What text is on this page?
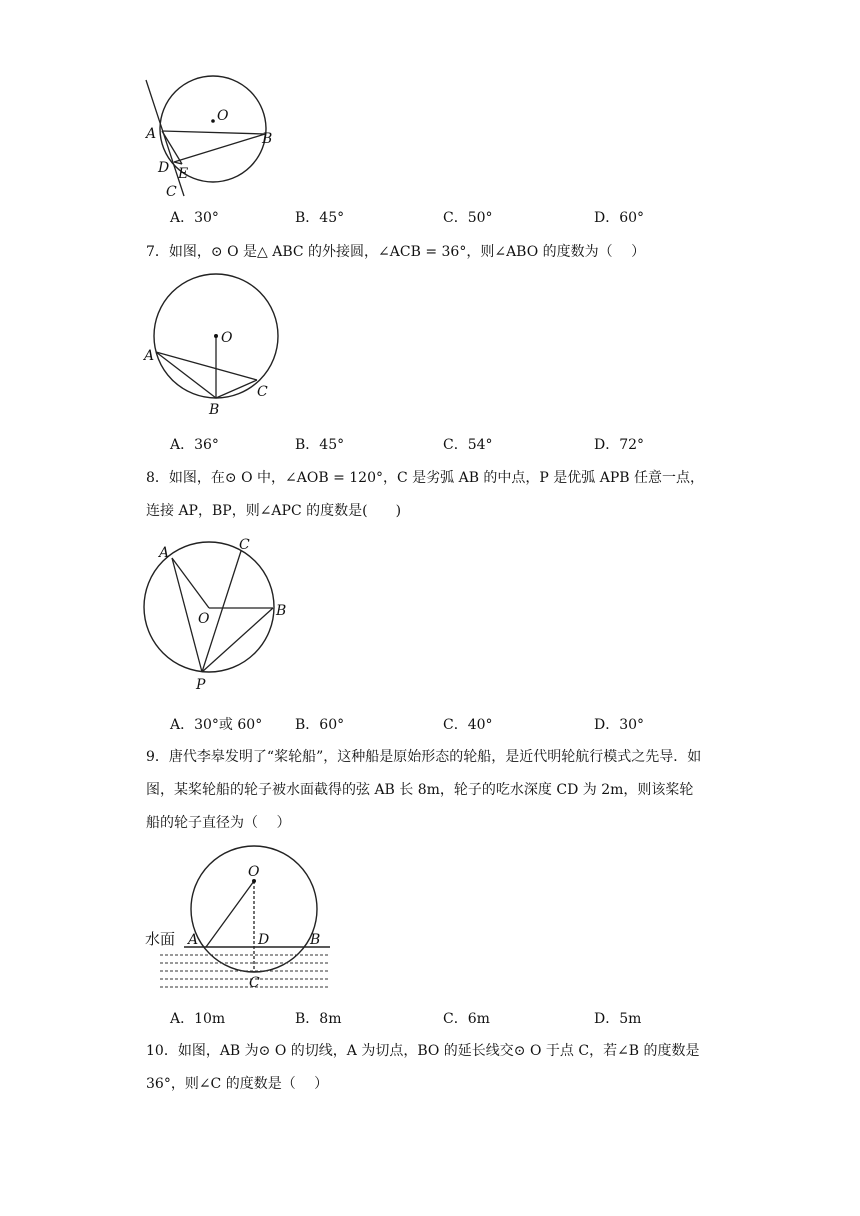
O
A	B
D E
C
A．30°	B．45°	C．50°	D．60°

7．如图，⊙ O 是△ ABC 的外接圆，∠ACB = 36°，则∠ABO 的度数为（　 ）

O
A
B
C
A．36°	B．45°	C．54°	D．72°

8．如图，在⊙ O 中，∠AOB = 120°，C 是劣弧 AB 的中点，P 是优弧 APB 任意一点，

连接 AP，BP，则∠APC 的度数是(　　)

A	C
O	B
P
A．30°或 60° B．60°	C．40°	D．30°

9．唐代李皋发明了“桨轮船”，这种船是原始形态的轮船，是近代明轮航行模式之先导．如

图，某桨轮船的轮子被水面截得的弦 AB 长 8m，轮子的吃水深度 CD 为 2m，则该桨轮

船的轮子直径为（　 ）

水面
O
A	D	B
C
A．10m	B．8m	C．6m	D．5m

10．如图，AB 为⊙ O 的切线，A 为切点，BO 的延长线交⊙ O 于点 C，若∠B 的度数是

36°，则∠C 的度数是（　 ）
